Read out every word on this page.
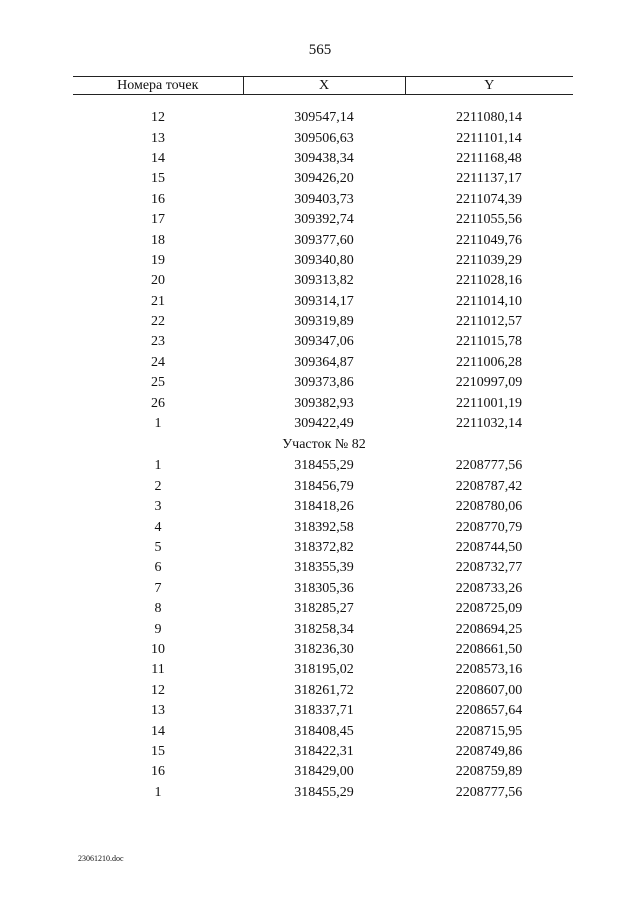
565
Номера точек	X	Y

12	309547,14	2211080,14
13	309506,63	2211101,14
14	309438,34	2211168,48
15	309426,20	2211137,17
16	309403,73	2211074,39
17	309392,74	2211055,56
18	309377,60	2211049,76
19	309340,80	2211039,29
20	309313,82	2211028,16
21	309314,17	2211014,10
22	309319,89	2211012,57
23	309347,06	2211015,78
24	309364,87	2211006,28
25	309373,86	2210997,09
26	309382,93	2211001,19
1	309422,49	2211032,14
	Участок № 82	
1	318455,29	2208777,56
2	318456,79	2208787,42
3	318418,26	2208780,06
4	318392,58	2208770,79
5	318372,82	2208744,50
6	318355,39	2208732,77
7	318305,36	2208733,26
8	318285,27	2208725,09
9	318258,34	2208694,25
10	318236,30	2208661,50
11	318195,02	2208573,16
12	318261,72	2208607,00
13	318337,71	2208657,64
14	318408,45	2208715,95
15	318422,31	2208749,86
16	318429,00	2208759,89
1	318455,29	2208777,56
23061210.doc
